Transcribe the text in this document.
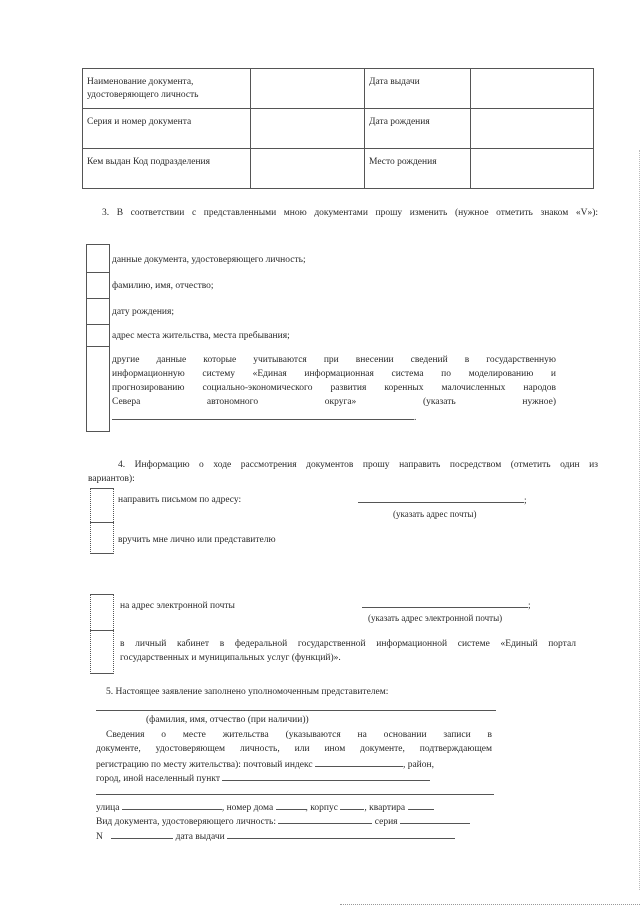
Наименование документа, удостоверяющего личность		Дата выдачи	
Серия и номер документа		Дата рождения	
Кем выдан Код подразделения		Место рождения	
3. В соответствии с представленными мною документами прошу изменить (нужное отметить знаком «V»):
данные документа, удостоверяющего личность;
фамилию, имя, отчество;
дату рождения;
адрес места жительства, места пребывания;
другие данные которые учитываются при внесении сведений в государственную
информационную систему «Единая информационная система по моделированию и
прогнозированию социально-экономического развития коренных малочисленных народов
Севера	автономного	округа»	(указать	нужное)
.
4. Информацию о ходе рассмотрения документов прошу направить посредством (отметить один из
вариантов):
направить письмом по адресу:	;
(указать адрес почты)
вручить мне лично или представителю
на адрес электронной почты	;
(указать адрес электронной почты)
в личный кабинет в федеральной государственной информационной системе «Единый портал
государственных и муниципальных услуг (функций)».
5. Настоящее заявление заполнено уполномоченным представителем:
(фамилия, имя, отчество (при наличии))
Сведения о месте жительства (указываются на основании записи в
документе, удостоверяющем личность, или ином документе, подтверждающем
регистрацию по месту жительства): почтовый индекс	, район,
город, иной населенный пункт
улица	, номер дома	, корпус	, квартира
Вид документа, удостоверяющего личность:	серия
N	дата выдачи
